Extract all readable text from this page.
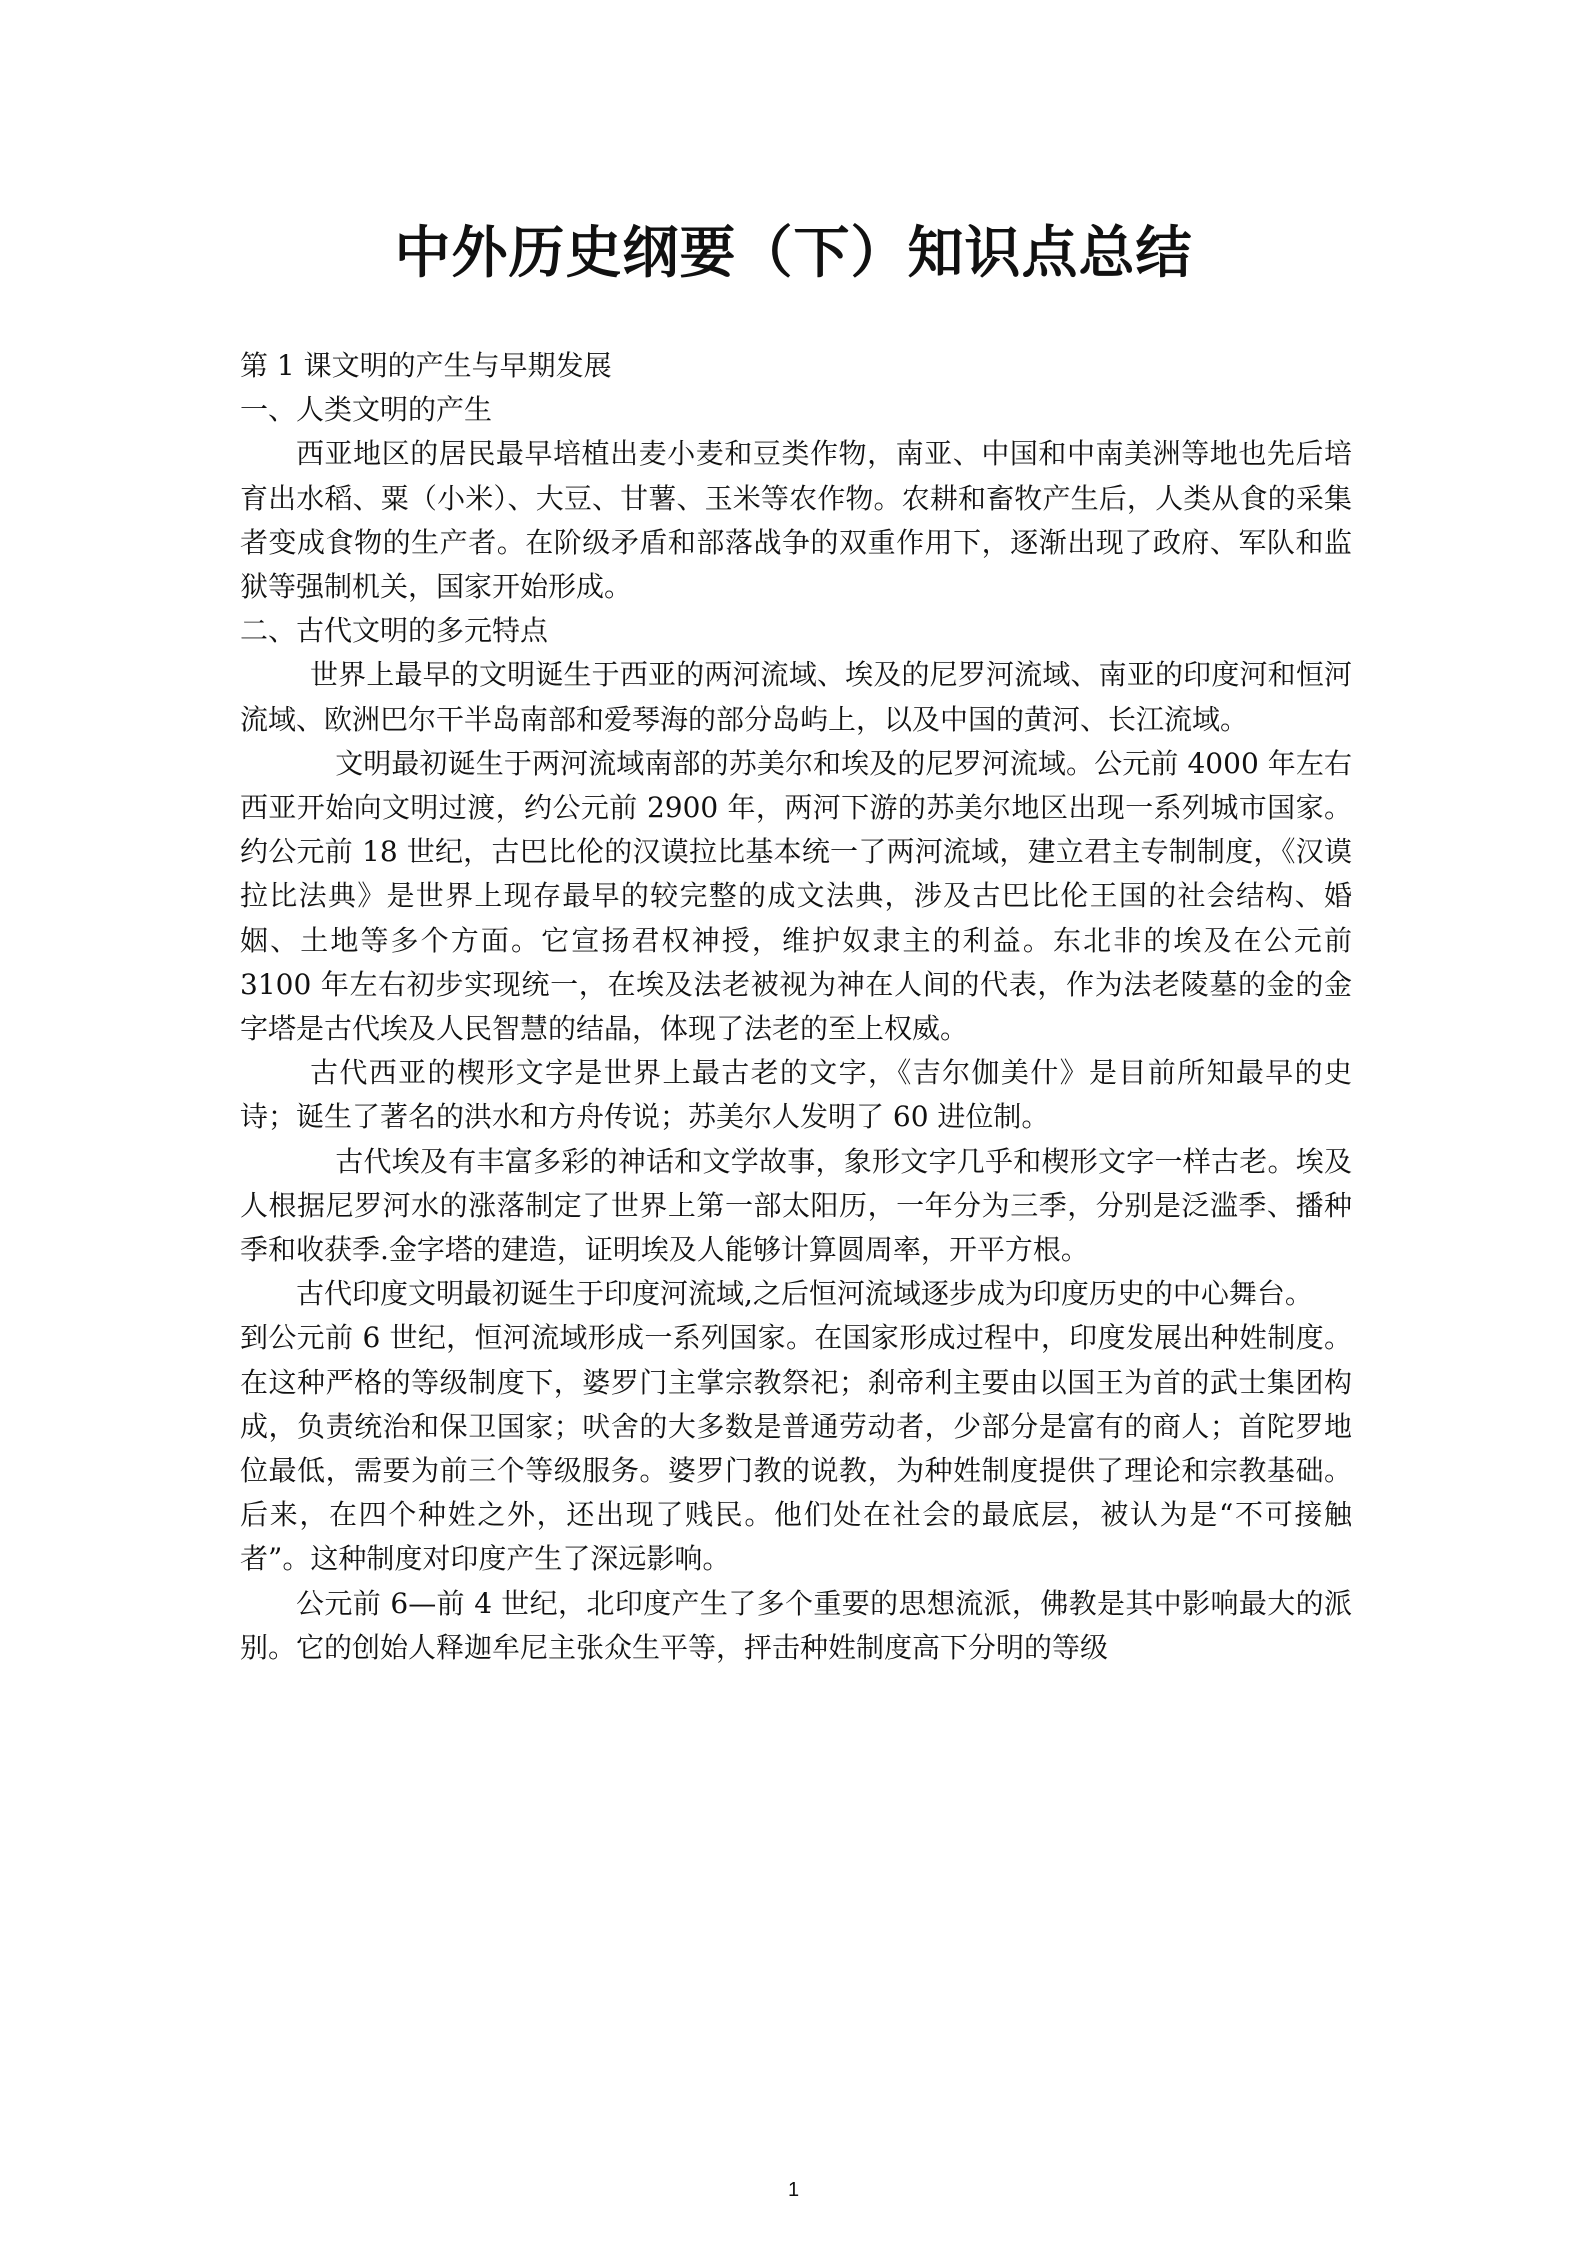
中外历史纲要（下）知识点总结

第 1 课文明的产生与早期发展

一、人类文明的产生

西亚地区的居民最早培植出麦小麦和豆类作物，南亚、中国和中南美洲等地也先后培育出水稻、粟（小米）、大豆、甘薯、玉米等农作物。农耕和畜牧产生后，人类从食的采集者变成食物的生产者。在阶级矛盾和部落战争的双重作用下，逐渐出现了政府、军队和监狱等强制机关，国家开始形成。

二、古代文明的多元特点

世界上最早的文明诞生于西亚的两河流域、埃及的尼罗河流域、南亚的印度河和恒河流域、欧洲巴尔干半岛南部和爱琴海的部分岛屿上，以及中国的黄河、长江流域。

文明最初诞生于两河流域南部的苏美尔和埃及的尼罗河流域。公元前 4000 年左右西亚开始向文明过渡，约公元前 2900 年，两河下游的苏美尔地区出现一系列城市国家。约公元前 18 世纪，古巴比伦的汉谟拉比基本统一了两河流域，建立君主专制制度，《汉谟拉比法典》是世界上现存最早的较完整的成文法典，涉及古巴比伦王国的社会结构、婚姻、土地等多个方面。它宣扬君权神授，维护奴隶主的利益。东北非的埃及在公元前 3100 年左右初步实现统一，在埃及法老被视为神在人间的代表，作为法老陵墓的金的金字塔是古代埃及人民智慧的结晶，体现了法老的至上权威。

古代西亚的楔形文字是世界上最古老的文字，《吉尔伽美什》是目前所知最早的史诗；诞生了著名的洪水和方舟传说；苏美尔人发明了 60 进位制。

古代埃及有丰富多彩的神话和文学故事，象形文字几乎和楔形文字一样古老。埃及人根据尼罗河水的涨落制定了世界上第一部太阳历，一年分为三季，分别是泛滥季、播种季和收获季.金字塔的建造，证明埃及人能够计算圆周率，开平方根。

古代印度文明最初诞生于印度河流域,之后恒河流域逐步成为印度历史的中心舞台。

到公元前 6 世纪，恒河流域形成一系列国家。在国家形成过程中，印度发展出种姓制度。在这种严格的等级制度下，婆罗门主掌宗教祭祀；刹帝利主要由以国王为首的武士集团构成，负责统治和保卫国家；吠舍的大多数是普通劳动者，少部分是富有的商人；首陀罗地位最低，需要为前三个等级服务。婆罗门教的说教，为种姓制度提供了理论和宗教基础。后来，在四个种姓之外，还出现了贱民。他们处在社会的最底层，被认为是“不可接触者”。这种制度对印度产生了深远影响。

公元前 6—前 4 世纪，北印度产生了多个重要的思想流派，佛教是其中影响最大的派别。它的创始人释迦牟尼主张众生平等，抨击种姓制度高下分明的等级

1
